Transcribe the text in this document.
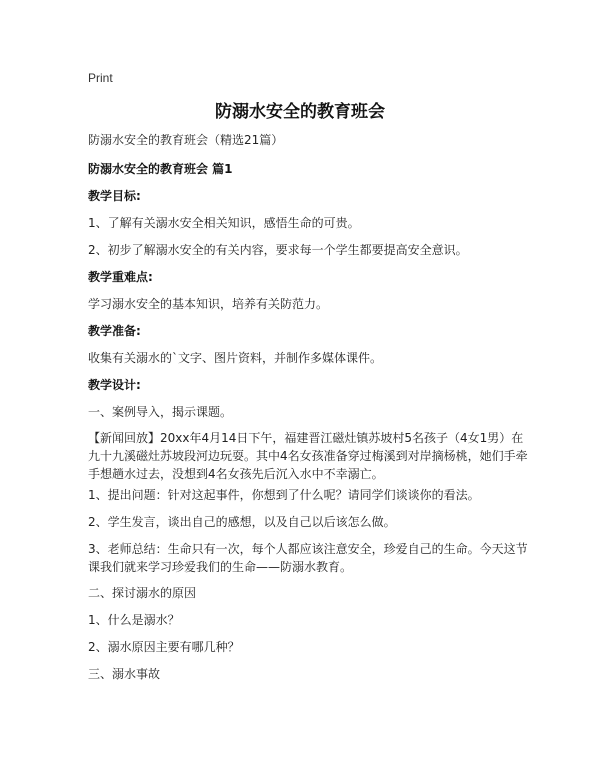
Print
防溺水安全的教育班会
防溺水安全的教育班会（精选21篇）
防溺水安全的教育班会 篇1
教学目标:
1、了解有关溺水安全相关知识，感悟生命的可贵。
2、初步了解溺水安全的有关内容，要求每一个学生都要提高安全意识。
教学重难点:
学习溺水安全的基本知识，培养有关防范力。
教学准备:
收集有关溺水的`文字、图片资料，并制作多媒体课件。
教学设计:
一、案例导入，揭示课题。
【新闻回放】20xx年4月14日下午，福建晋江磁灶镇苏坡村5名孩子（4女1男）在九十九溪磁灶苏坡段河边玩耍。其中4名女孩准备穿过梅溪到对岸摘杨桃，她们手牵手想趟水过去，没想到4名女孩先后沉入水中不幸溺亡。
1、提出问题：针对这起事件，你想到了什么呢？请同学们谈谈你的看法。
2、学生发言，谈出自己的感想，以及自己以后该怎么做。
3、老师总结：生命只有一次，每个人都应该注意安全，珍爱自己的生命。今天这节课我们就来学习珍爱我们的生命——防溺水教育。
二、探讨溺水的原因
1、什么是溺水？
2、溺水原因主要有哪几种？
三、溺水事故
